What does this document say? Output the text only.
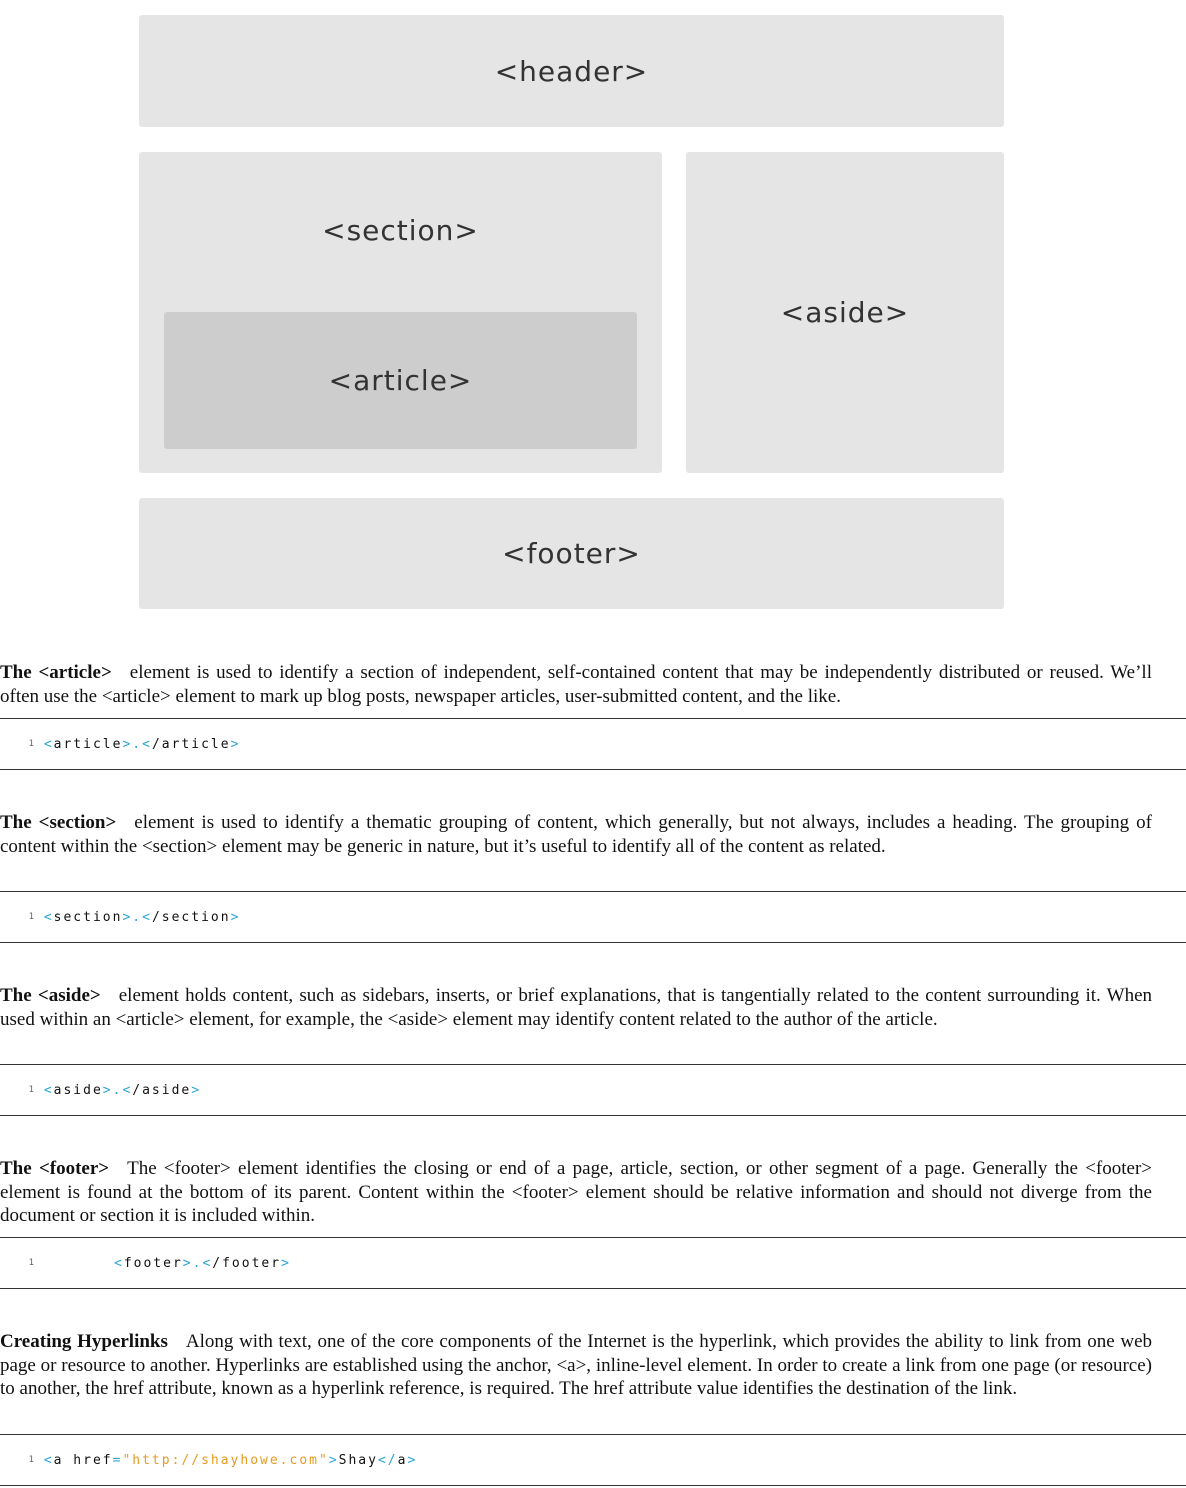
<header>
<section>
<article>
<aside>
<footer>

The <article> element is used to identify a section of independent, self-contained content that may be independently distributed or reused. We’ll often use the <article> element to mark up blog posts, newspaper articles, user-submitted content, and the like.

1 <article>.</article>

The <section> element is used to identify a thematic grouping of content, which generally, but not always, includes a heading. The grouping of content within the <section> element may be generic in nature, but it’s useful to identify all of the content as related.

1 <section>.</section>

The <aside> element holds content, such as sidebars, inserts, or brief explanations, that is tangentially related to the content surrounding it. When used within an <article> element, for example, the <aside> element may identify content related to the author of the article.

1 <aside>.</aside>

The <footer> The <footer> element identifies the closing or end of a page, article, section, or other segment of a page. Generally the <footer> element is found at the bottom of its parent. Content within the <footer> element should be relative information and should not diverge from the document or section it is included within.

1	<footer>.</footer>

Creating Hyperlinks Along with text, one of the core components of the Internet is the hyperlink, which provides the ability to link from one web page or resource to another. Hyperlinks are established using the anchor, <a>, inline-level element. In order to create a link from one page (or resource) to another, the href attribute, known as a hyperlink reference, is required. The href attribute value identifies the destination of the link.

1 <a href="http://shayhowe.com">Shay</a>
